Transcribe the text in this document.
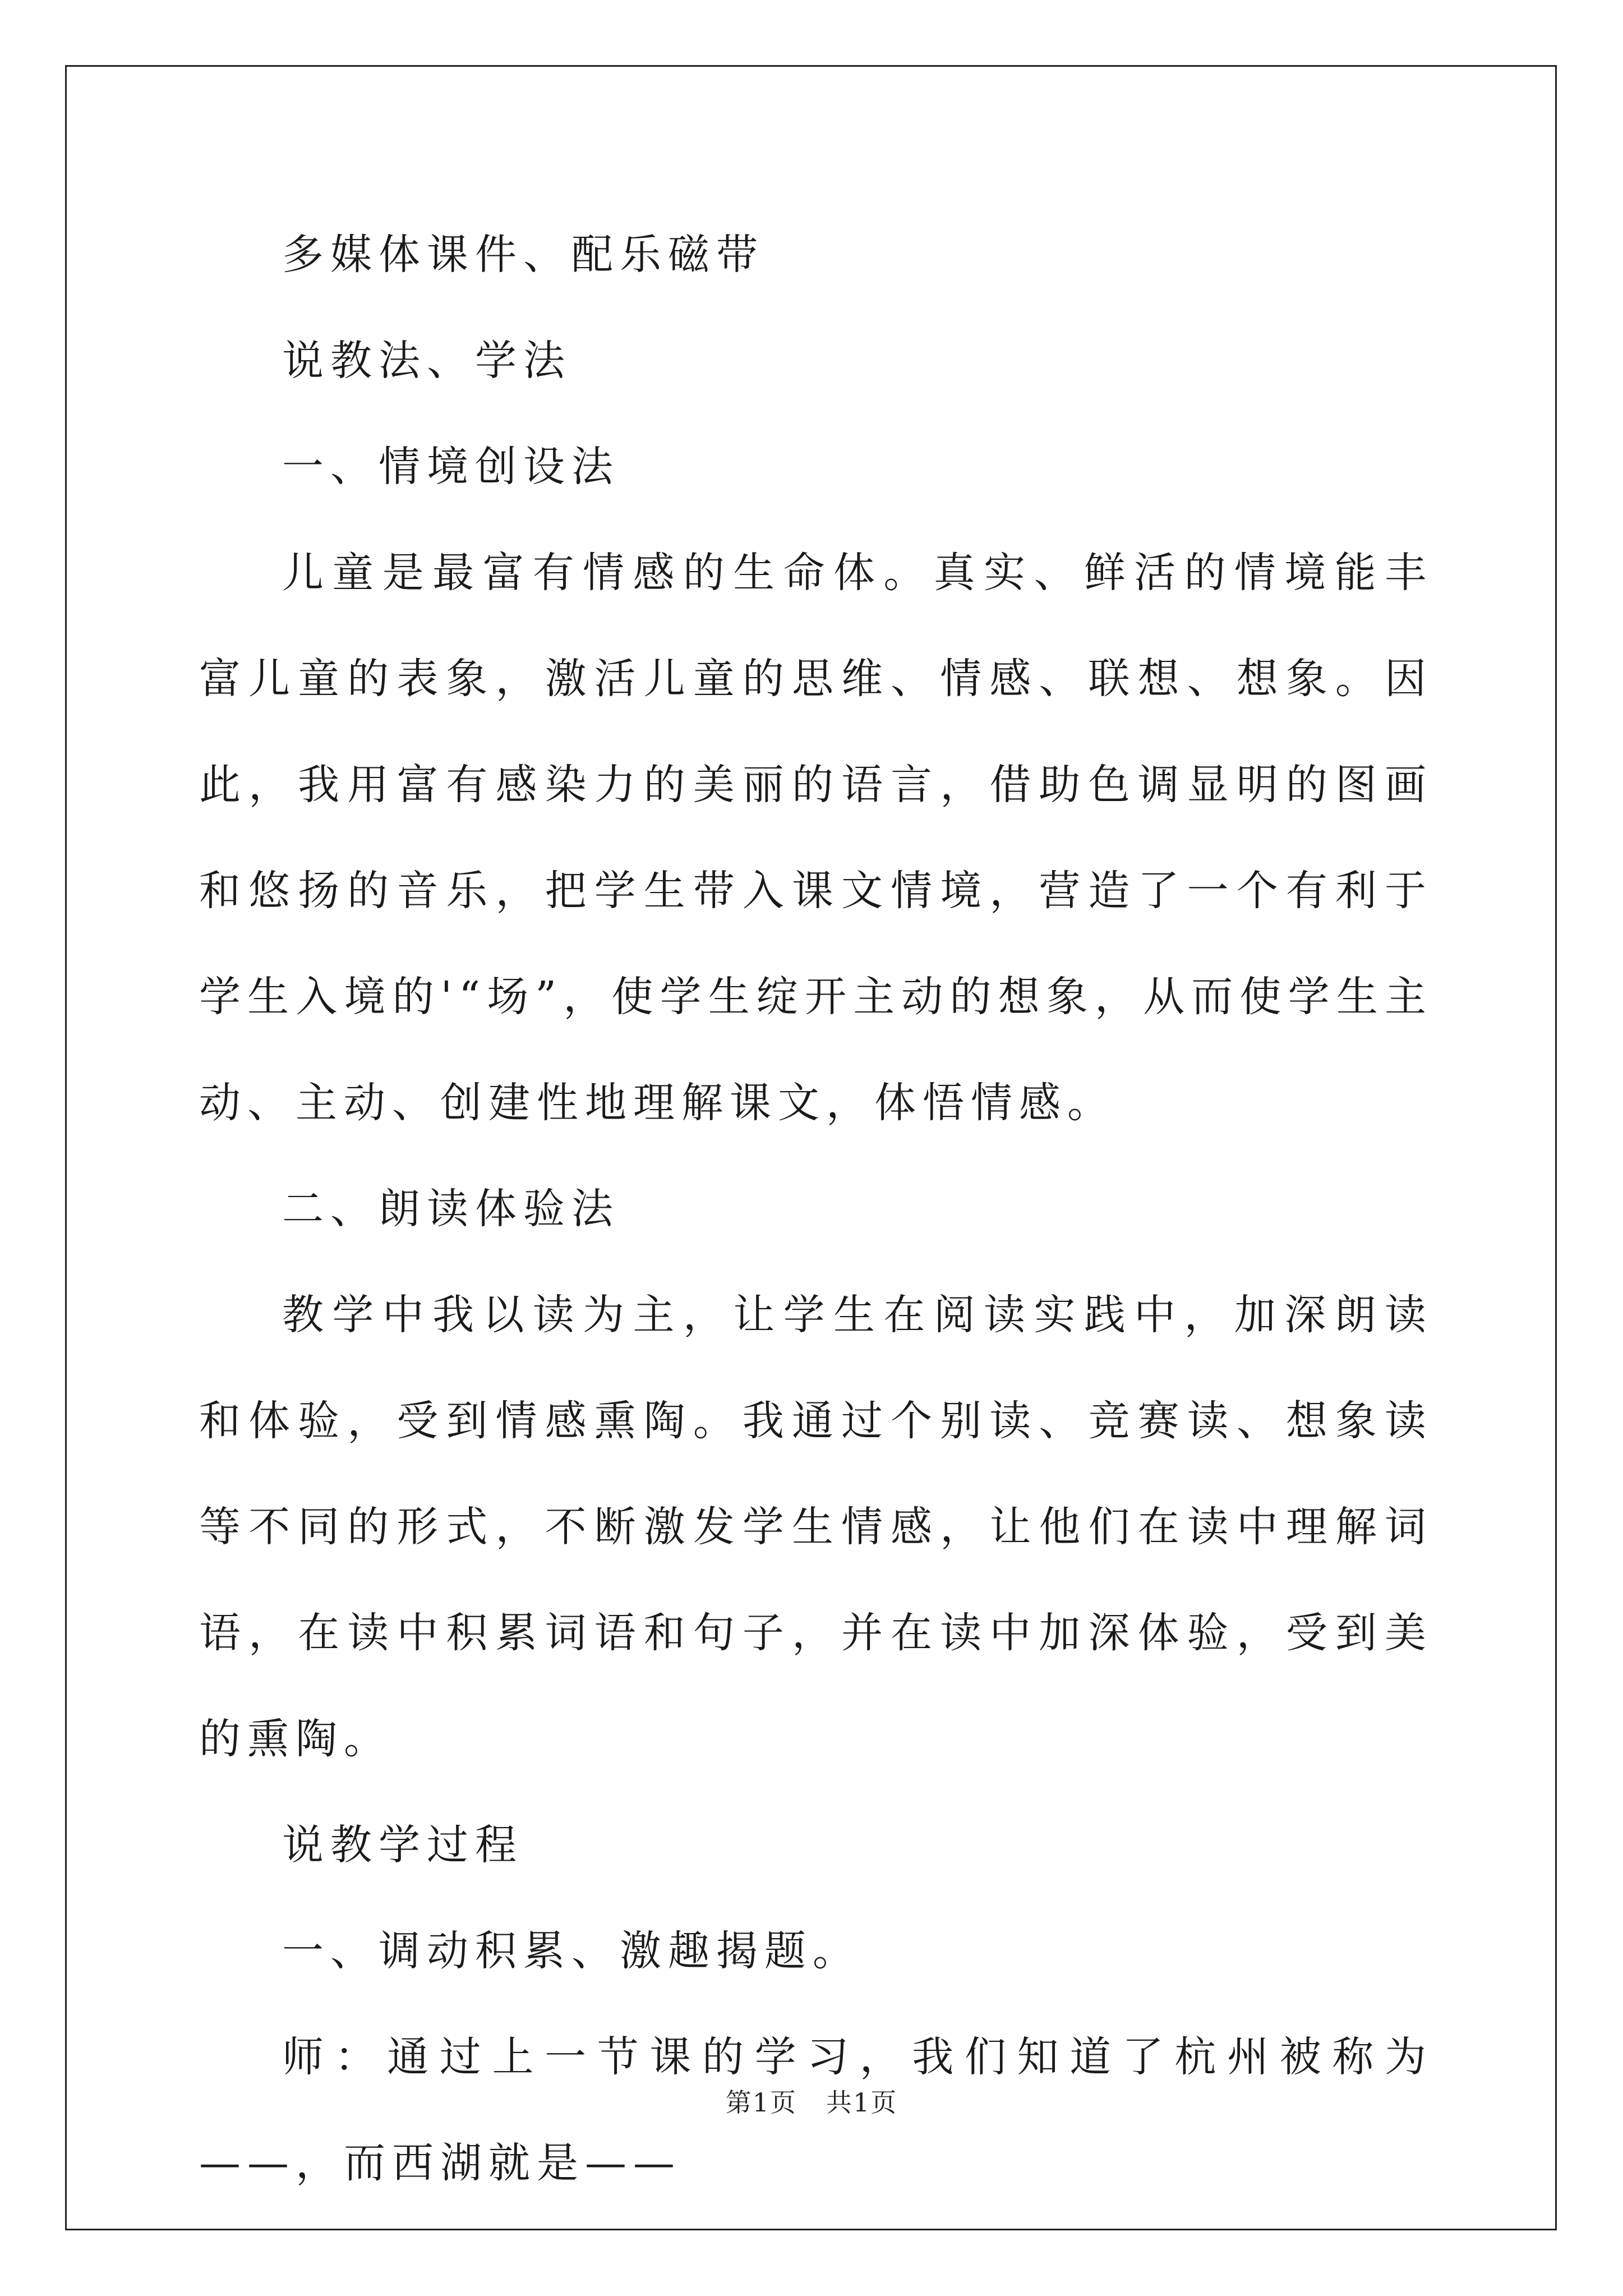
多媒体课件、配乐磁带

说教法、学法

一、情境创设法

儿童是最富有情感的生命体。真实、鲜活的情境能丰富儿童的表象，激活儿童的思维、情感、联想、想象。因此，我用富有感染力的美丽的语言，借助色调显明的图画和悠扬的音乐，把学生带入课文情境，营造了一个有利于学生入境的'“场”，使学生绽开主动的想象，从而使学生主动、主动、创建性地理解课文，体悟情感。

二、朗读体验法

教学中我以读为主，让学生在阅读实践中，加深朗读和体验，受到情感熏陶。我通过个别读、竞赛读、想象读等不同的形式，不断激发学生情感，让他们在读中理解词语，在读中积累词语和句子，并在读中加深体验，受到美的熏陶。

说教学过程

一、调动积累、激趣揭题。

师：通过上一节课的学习，我们知道了杭州被称为——，而西湖就是——

第1页 共1页
